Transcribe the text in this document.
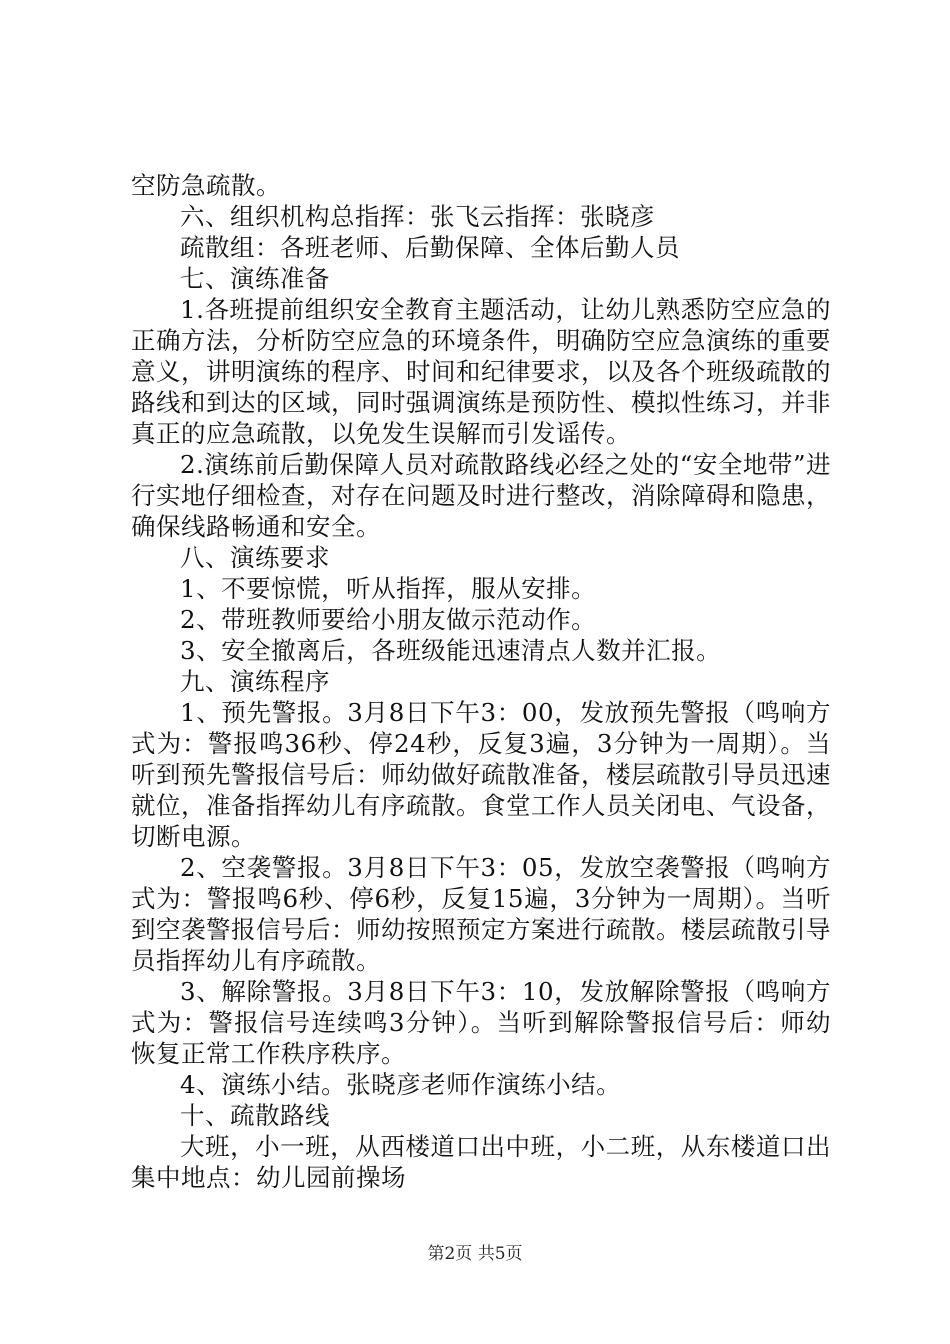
空防急疏散。

六、组织机构总指挥：张飞云指挥：张晓彦

疏散组：各班老师、后勤保障、全体后勤人员

七、演练准备

1.各班提前组织安全教育主题活动，让幼儿熟悉防空应急的正确方法，分析防空应急的环境条件，明确防空应急演练的重要意义，讲明演练的程序、时间和纪律要求，以及各个班级疏散的路线和到达的区域，同时强调演练是预防性、模拟性练习，并非真正的应急疏散，以免发生误解而引发谣传。

2.演练前后勤保障人员对疏散路线必经之处的“安全地带”进行实地仔细检查，对存在问题及时进行整改，消除障碍和隐患，确保线路畅通和安全。

八、演练要求

1、不要惊慌，听从指挥，服从安排。

2、带班教师要给小朋友做示范动作。

3、安全撤离后，各班级能迅速清点人数并汇报。

九、演练程序

1、预先警报。3月8日下午3：00，发放预先警报（鸣响方式为：警报鸣36秒、停24秒，反复3遍，3分钟为一周期）。当听到预先警报信号后：师幼做好疏散准备，楼层疏散引导员迅速就位，准备指挥幼儿有序疏散。食堂工作人员关闭电、气设备，切断电源。

2、空袭警报。3月8日下午3：05，发放空袭警报（鸣响方式为：警报鸣6秒、停6秒，反复15遍，3分钟为一周期）。当听到空袭警报信号后：师幼按照预定方案进行疏散。楼层疏散引导员指挥幼儿有序疏散。

3、解除警报。3月8日下午3：10，发放解除警报（鸣响方式为：警报信号连续鸣3分钟）。当听到解除警报信号后：师幼恢复正常工作秩序秩序。

4、演练小结。张晓彦老师作演练小结。

十、疏散路线

大班，小一班，从西楼道口出中班，小二班，从东楼道口出集中地点：幼儿园前操场

第2页 共5页
